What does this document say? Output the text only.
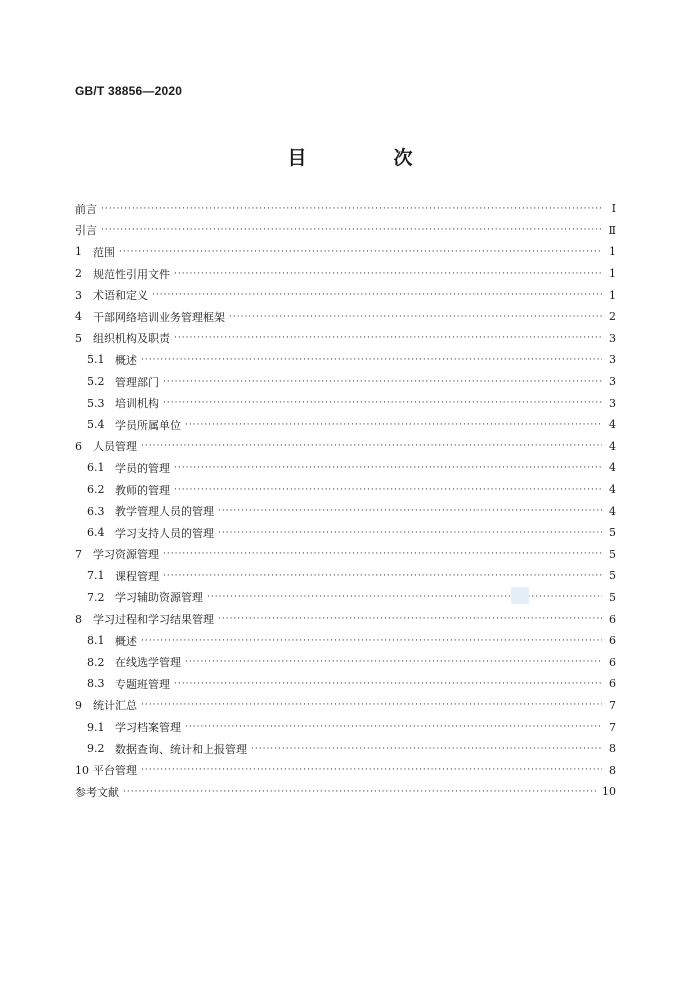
GB/T 38856—2020
目　次
前言 ·····	Ⅰ
引言 ·····	Ⅱ
1	范围 ·····	1
2	规范性引用文件 ·····	1
3	术语和定义 ·····	1
4	干部网络培训业务管理框架 ·····	2
5	组织机构及职责 ·····	3
5.1 概述 ·····	3
5.2 管理部门 ·····	3
5.3 培训机构 ·····	3
5.4 学员所属单位 ·····	4
6	人员管理 ·····	4
6.1 学员的管理 ·····	4
6.2 教师的管理 ·····	4
6.3 教学管理人员的管理 ·····	4
6.4 学习支持人员的管理 ·····	5
7	学习资源管理 ·····	5
7.1 课程管理 ·····	5
7.2 学习辅助资源管理 ·····	5
8	学习过程和学习结果管理 ·····	6
8.1 概述 ·····	6
8.2 在线选学管理 ·····	6
8.3 专题班管理 ·····	6
9	统计汇总 ·····	7
9.1 学习档案管理 ·····	7
9.2 数据查询、统计和上报管理 ·····	8
10 平台管理 ·····	8
参考文献 ·····	10
